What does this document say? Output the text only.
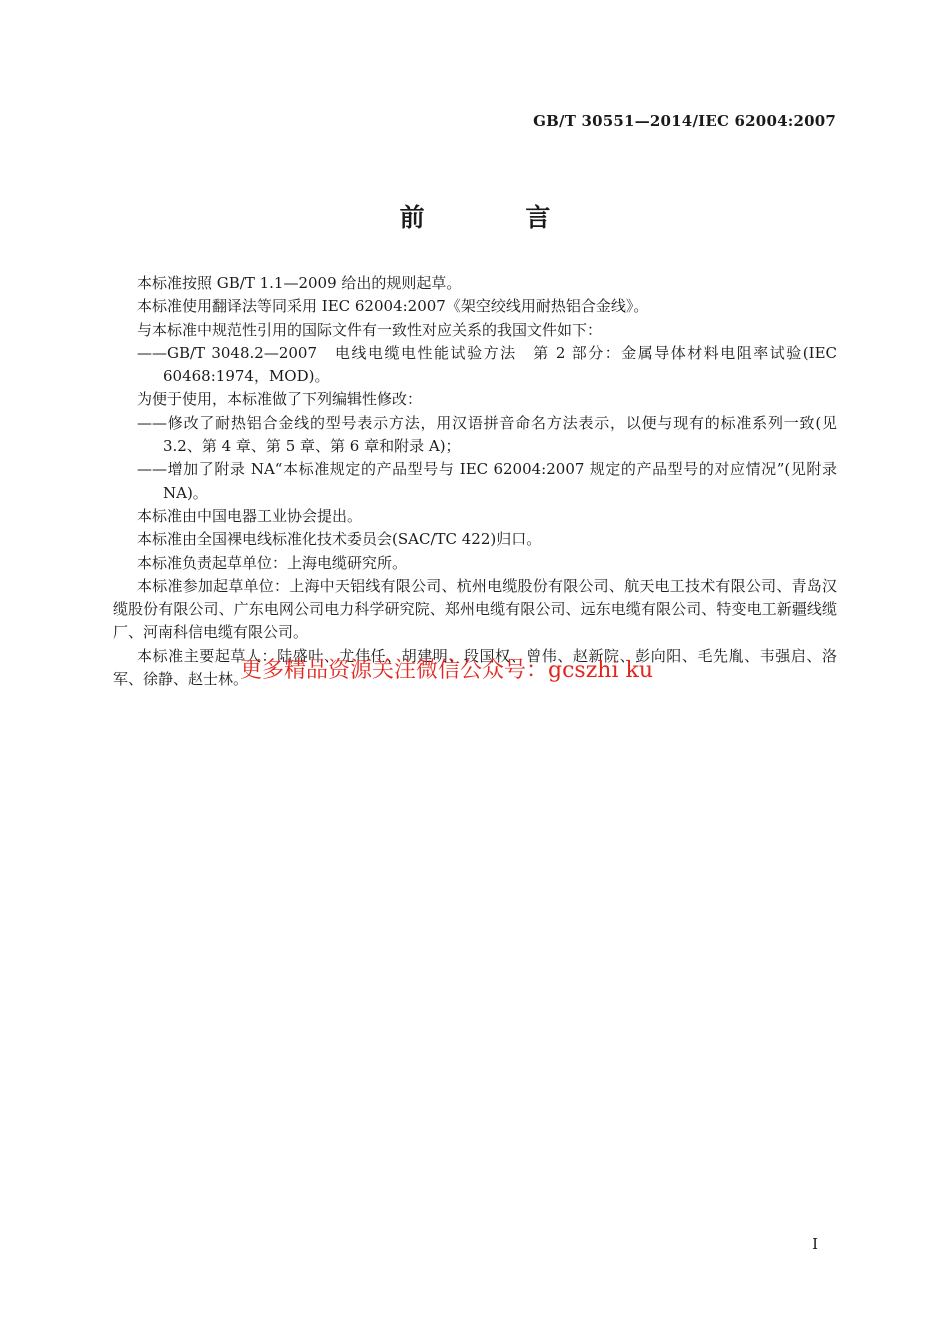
GB/T 30551—2014/IEC 62004:2007
前 言

本标准按照 GB/T 1.1—2009 给出的规则起草。

本标准使用翻译法等同采用 IEC 62004:2007《架空绞线用耐热铝合金线》。

与本标准中规范性引用的国际文件有一致性对应关系的我国文件如下：

——GB/T 3048.2—2007　电线电缆电性能试验方法　第 2 部分：金属导体材料电阻率试验(IEC 60468:1974，MOD)。

为便于使用，本标准做了下列编辑性修改：

——修改了耐热铝合金线的型号表示方法，用汉语拼音命名方法表示，以便与现有的标准系列一致(见 3.2、第 4 章、第 5 章、第 6 章和附录 A)；

——增加了附录 NA“本标准规定的产品型号与 IEC 62004:2007 规定的产品型号的对应情况”(见附录 NA)。

本标准由中国电器工业协会提出。

本标准由全国裸电线标准化技术委员会(SAC/TC 422)归口。

本标准负责起草单位：上海电缆研究所。

本标准参加起草单位：上海中天铝线有限公司、杭州电缆股份有限公司、航天电工技术有限公司、青岛汉缆股份有限公司、广东电网公司电力科学研究院、郑州电缆有限公司、远东电缆有限公司、特变电工新疆线缆厂、河南科信电缆有限公司。

本标准主要起草人：陆盛叶、尤伟任、胡建明、段国权、曾伟、赵新院、彭向阳、毛先胤、韦强启、洛军、徐静、赵士林。

更多精品资源关注微信公众号：gcszhi ku
I
